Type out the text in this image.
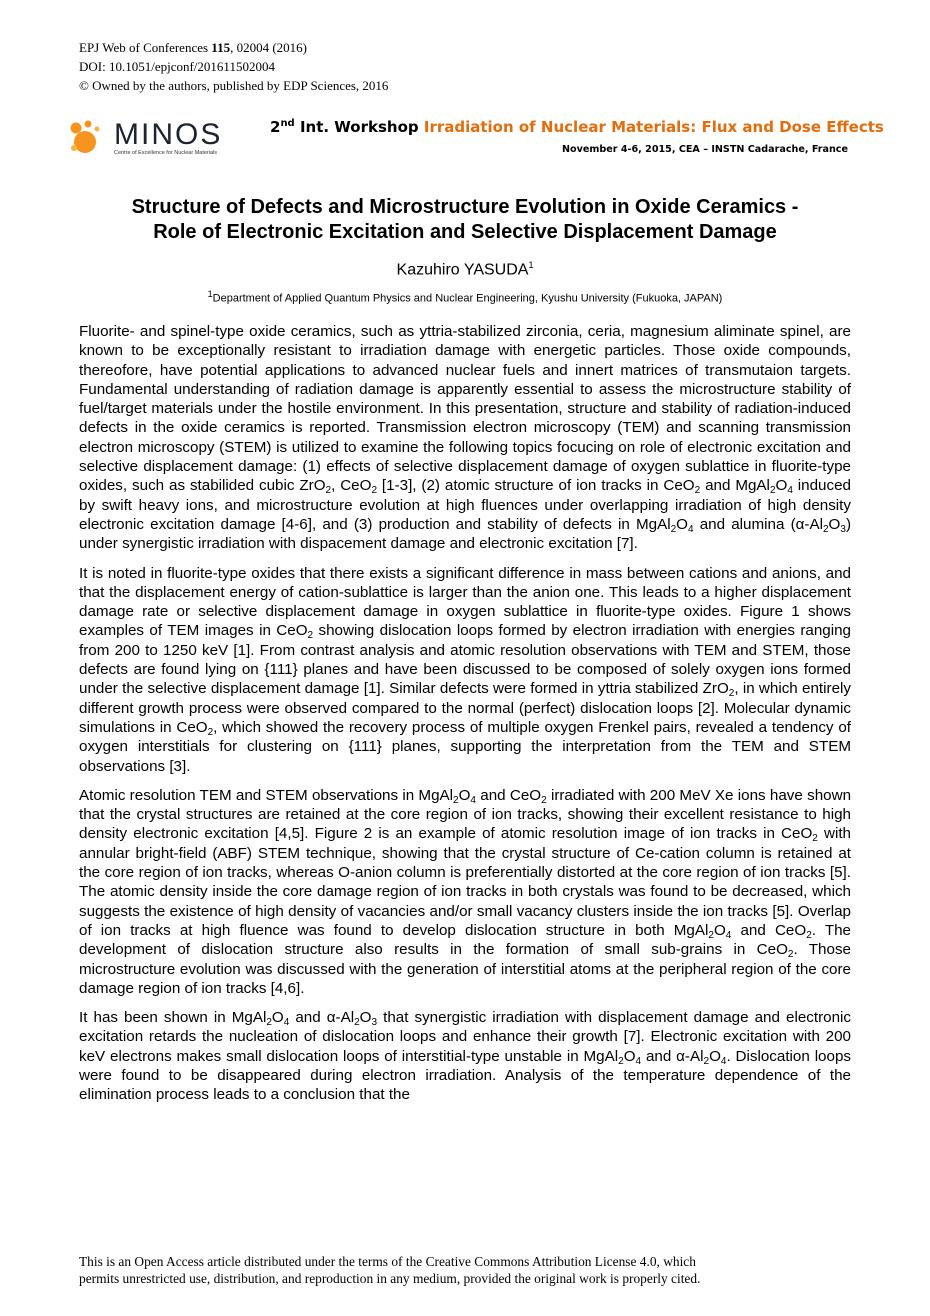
EPJ Web of Conferences 115, 02004 (2016)
DOI: 10.1051/epjconf/201611502004
© Owned by the authors, published by EDP Sciences, 2016
MINOS
Centre of Excellence for Nuclear Materials
2nd Int. Workshop Irradiation of Nuclear Materials: Flux and Dose Effects
November 4-6, 2015, CEA – INSTN Cadarache, France
Structure of Defects and Microstructure Evolution in Oxide Ceramics -
Role of Electronic Excitation and Selective Displacement Damage
Kazuhiro YASUDA$^1$
$^1$Department of Applied Quantum Physics and Nuclear Engineering, Kyushu University (Fukuoka, JAPAN)

Fluorite- and spinel-type oxide ceramics, such as yttria-stabilized zirconia, ceria, magnesium aliminate spinel, are known to be exceptionally resistant to irradiation damage with energetic particles. Those oxide compounds, thereofore, have potential applications to advanced nuclear fuels and innert matrices of transmutaion targets. Fundamental understanding of radiation damage is apparently essential to assess the microstructure stability of fuel/target materials under the hostile environment. In this presentation, structure and stability of radiation-induced defects in the oxide ceramics is reported. Transmission electron microscopy (TEM) and scanning transmission electron microscopy (STEM) is utilized to examine the following topics focucing on role of electronic excitation and selective displacement damage: (1) effects of selective displacement damage of oxygen sublattice in fluorite-type oxides, such as stabilided cubic ZrO$_2$, CeO$_2$ [1-3], (2) atomic structure of ion tracks in CeO$_2$ and $MgAl_2O_4$ induced by swift heavy ions, and microstructure evolution at high fluences under overlapping irradiation of high density electronic excitation damage [4-6], and (3) production and stability of defects in $MgAl_2O_4$ and alumina $(\alpha-Al_2O_3)$ under synergistic irradiation with dispacement damage and electronic excitation [7].

It is noted in fluorite-type oxides that there exists a significant difference in mass between cations and anions, and that the displacement energy of cation-sublattice is larger than the anion one. This leads to a higher displacement damage rate or selective displacement damage in oxygen sublattice in fluorite-type oxides. Figure 1 shows examples of TEM images in CeO$_2$ showing dislocation loops formed by electron irradiation with energies ranging from 200 to 1250 keV [1]. From contrast analysis and atomic resolution observations with TEM and STEM, those defects are found lying on {111} planes and have been discussed to be composed of solely oxygen ions formed under the selective displacement damage [1]. Similar defects were formed in yttria stabilized ZrO$_2$, in which entirely different growth process were observed compared to the normal (perfect) dislocation loops [2]. Molecular dynamic simulations in CeO$_2$, which showed the recovery process of multiple oxygen Frenkel pairs, revealed a tendency of oxygen interstitials for clustering on {111} planes, supporting the interpretation from the TEM and STEM observations [3].

Atomic resolution TEM and STEM observations in $MgAl_2O_4$ and CeO$_2$ irradiated with 200 MeV Xe ions have shown that the crystal structures are retained at the core region of ion tracks, showing their excellent resistance to high density electronic excitation [4,5]. Figure 2 is an example of atomic resolution image of ion tracks in CeO$_2$ with annular bright-field (ABF) STEM technique, showing that the crystal structure of Ce-cation column is retained at the core region of ion tracks, whereas O-anion column is preferentially distorted at the core region of ion tracks [5]. The atomic density inside the core damage region of ion tracks in both crystals was found to be decreased, which suggests the existence of high density of vacancies and/or small vacancy clusters inside the ion tracks [5]. Overlap of ion tracks at high fluence was found to develop dislocation structure in both $MgAl_2O_4$ and CeO$_2$. The development of dislocation structure also results in the formation of small sub-grains in CeO$_2$. Those microstructure evolution was discussed with the generation of interstitial atoms at the peripheral region of the core damage region of ion tracks [4,6].

It has been shown in $MgAl_2O_4$ and $\alpha-Al_2O_3$ that synergistic irradiation with displacement damage and electronic excitation retards the nucleation of dislocation loops and enhance their growth [7]. Electronic excitation with 200 keV electrons makes small dislocation loops of interstitial-type unstable in $MgAl_2O_4$ and $\alpha-Al_2O_4$. Dislocation loops were found to be disappeared during electron irradiation. Analysis of the temperature dependence of the elimination process leads to a conclusion that the

This is an Open Access article distributed under the terms of the Creative Commons Attribution License 4.0, which
permits unrestricted use, distribution, and reproduction in any medium, provided the original work is properly cited.
